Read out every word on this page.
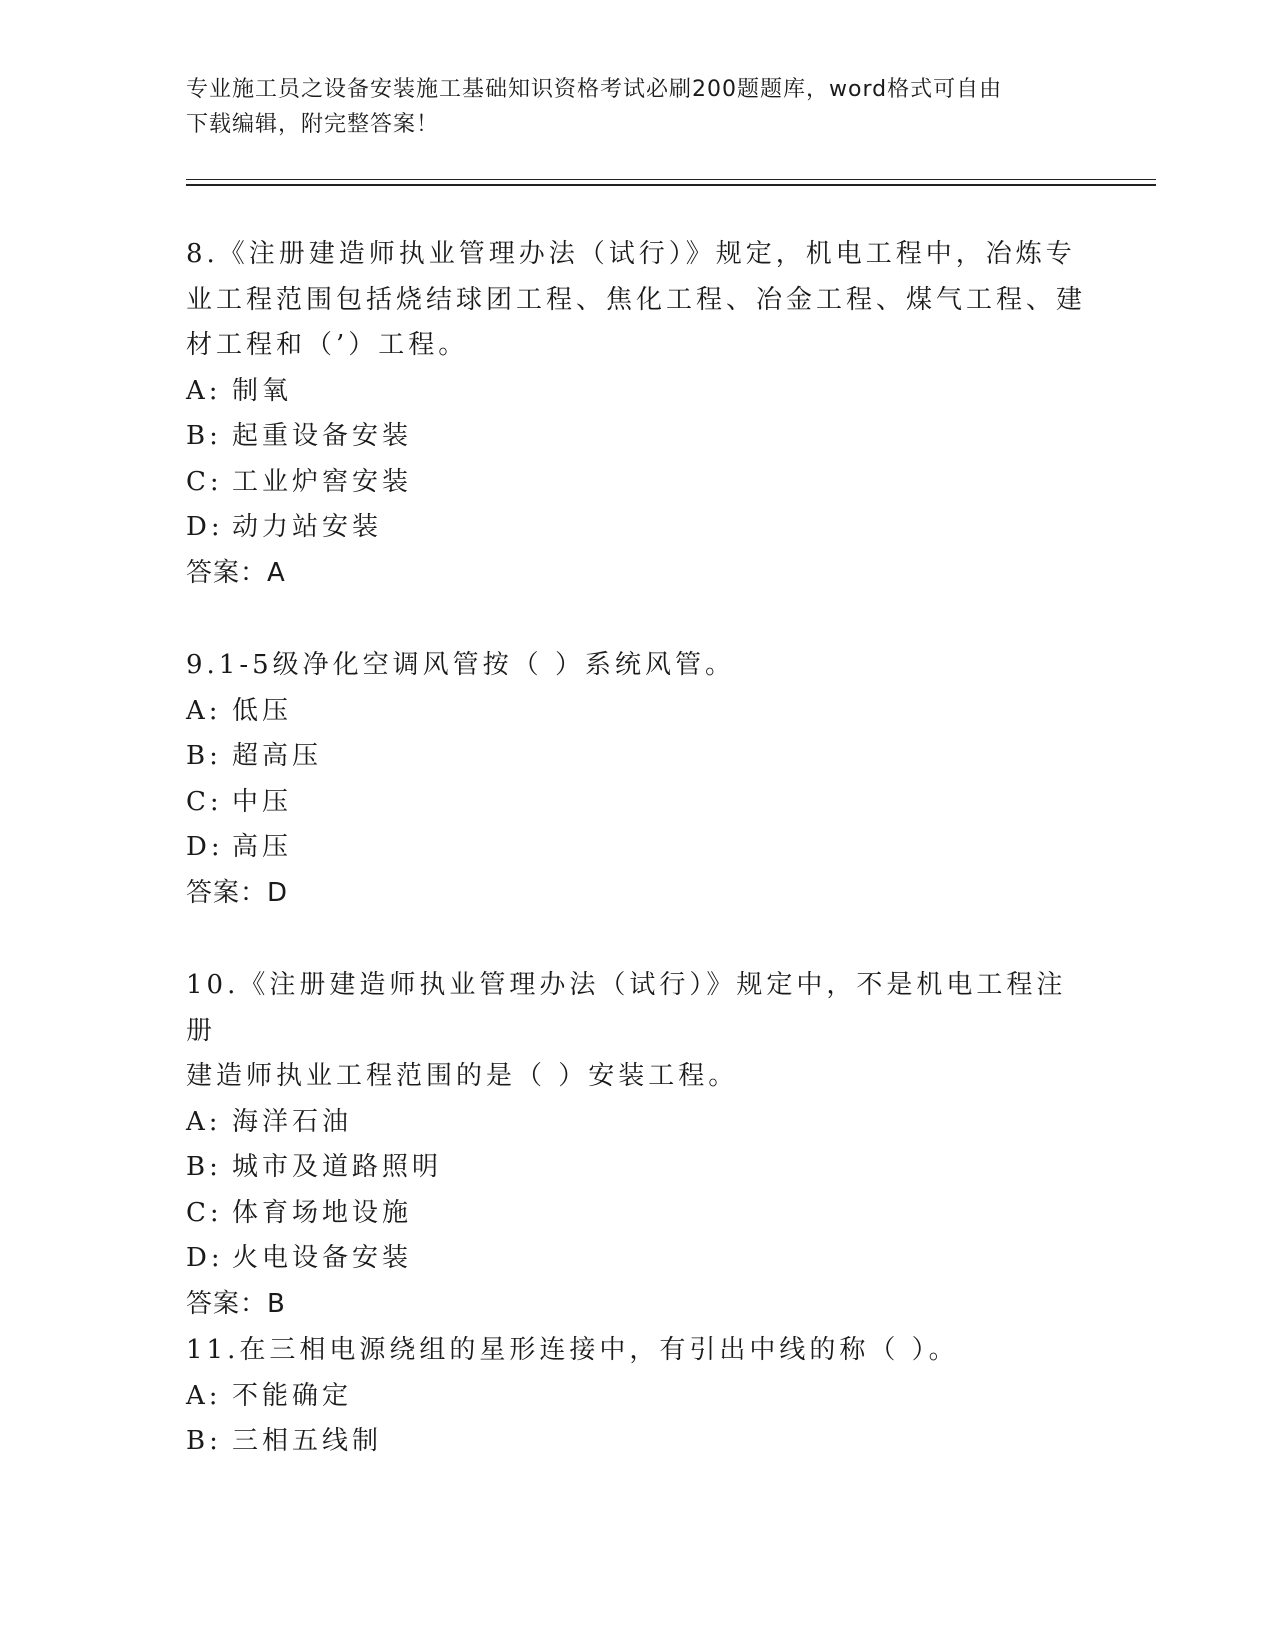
专业施工员之设备安装施工基础知识资格考试必刷200题题库，word格式可自由
下载编辑，附完整答案！
8.《注册建造师执业管理办法（试行）》规定，机电工程中，冶炼专
业工程范围包括烧结球团工程、焦化工程、冶金工程、煤气工程、建
材工程和（’）工程。
A: 制氧
B: 起重设备安装
C: 工业炉窖安装
D: 动力站安装
答案：A
9.1-5级净化空调风管按（ ）系统风管。
A: 低压
B: 超高压
C: 中压
D: 高压
答案：D
10.《注册建造师执业管理办法（试行）》规定中，不是机电工程注册
建造师执业工程范围的是（ ）安装工程。
A: 海洋石油
B: 城市及道路照明
C: 体育场地设施
D: 火电设备安装
答案：B
11.在三相电源绕组的星形连接中，有引出中线的称（ ）。
A: 不能确定
B: 三相五线制
